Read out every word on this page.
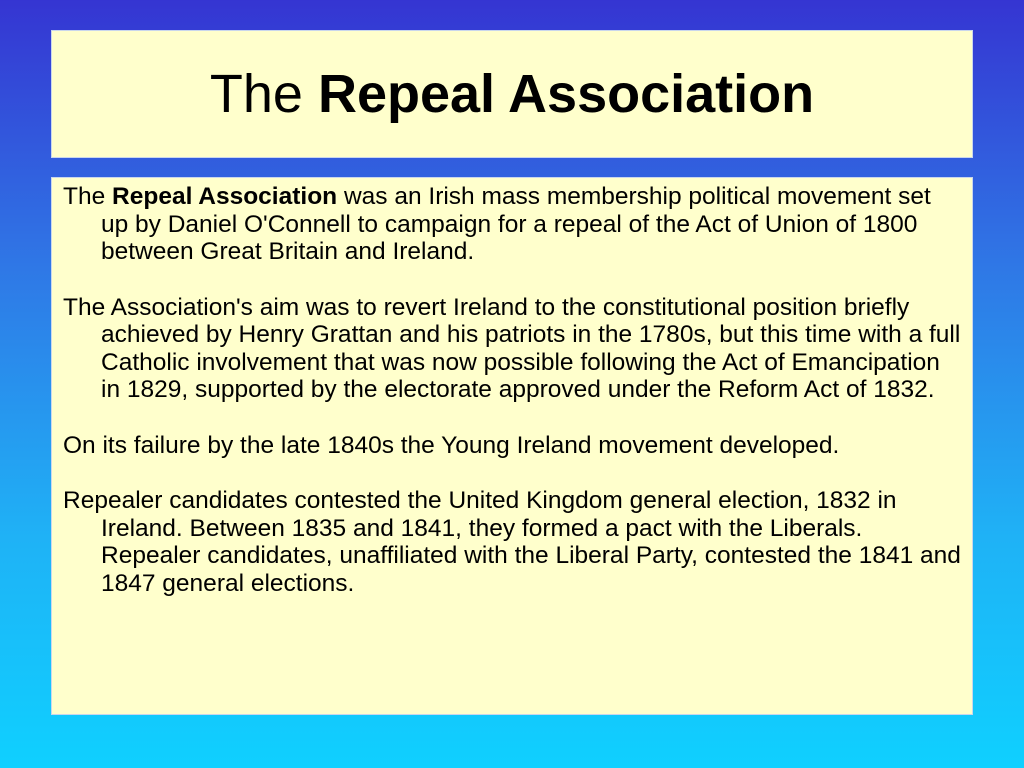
The Repeal Association

The Repeal Association was an Irish mass membership political movement set up by Daniel O'Connell to campaign for a repeal of the Act of Union of 1800 between Great Britain and Ireland.

The Association's aim was to revert Ireland to the constitutional position briefly achieved by Henry Grattan and his patriots in the 1780s, but this time with a full Catholic involvement that was now possible following the Act of Emancipation in 1829, supported by the electorate approved under the Reform Act of 1832.

On its failure by the late 1840s the Young Ireland movement developed.

Repealer candidates contested the United Kingdom general election, 1832 in Ireland. Between 1835 and 1841, they formed a pact with the Liberals. Repealer candidates, unaffiliated with the Liberal Party, contested the 1841 and 1847 general elections.
